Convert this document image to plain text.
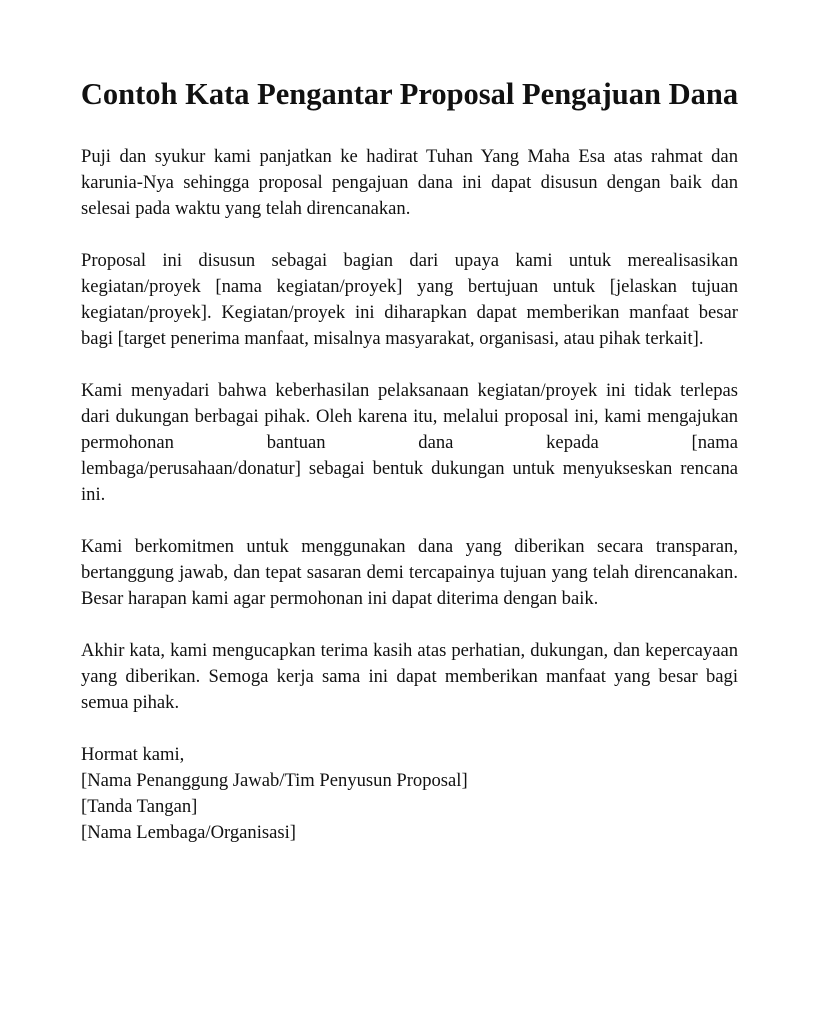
Contoh Kata Pengantar Proposal Pengajuan Dana

Puji dan syukur kami panjatkan ke hadirat Tuhan Yang Maha Esa atas rahmat dan karunia-Nya sehingga proposal pengajuan dana ini dapat disusun dengan baik dan selesai pada waktu yang telah direncanakan.

Proposal ini disusun sebagai bagian dari upaya kami untuk merealisasikan kegiatan/proyek [nama kegiatan/proyek] yang bertujuan untuk [jelaskan tujuan kegiatan/proyek]. Kegiatan/proyek ini diharapkan dapat memberikan manfaat besar bagi [target penerima manfaat, misalnya masyarakat, organisasi, atau pihak terkait].

Kami menyadari bahwa keberhasilan pelaksanaan kegiatan/proyek ini tidak terlepas dari dukungan berbagai pihak. Oleh karena itu, melalui proposal ini, kami mengajukan permohonan bantuan dana kepada [nama
lembaga/perusahaan/donatur] sebagai bentuk dukungan untuk menyukseskan rencana ini.

Kami berkomitmen untuk menggunakan dana yang diberikan secara transparan, bertanggung jawab, dan tepat sasaran demi tercapainya tujuan yang telah direncanakan. Besar harapan kami agar permohonan ini dapat diterima dengan baik.

Akhir kata, kami mengucapkan terima kasih atas perhatian, dukungan, dan kepercayaan yang diberikan. Semoga kerja sama ini dapat memberikan manfaat yang besar bagi semua pihak.

Hormat kami,
[Nama Penanggung Jawab/Tim Penyusun Proposal]
[Tanda Tangan]
[Nama Lembaga/Organisasi]
